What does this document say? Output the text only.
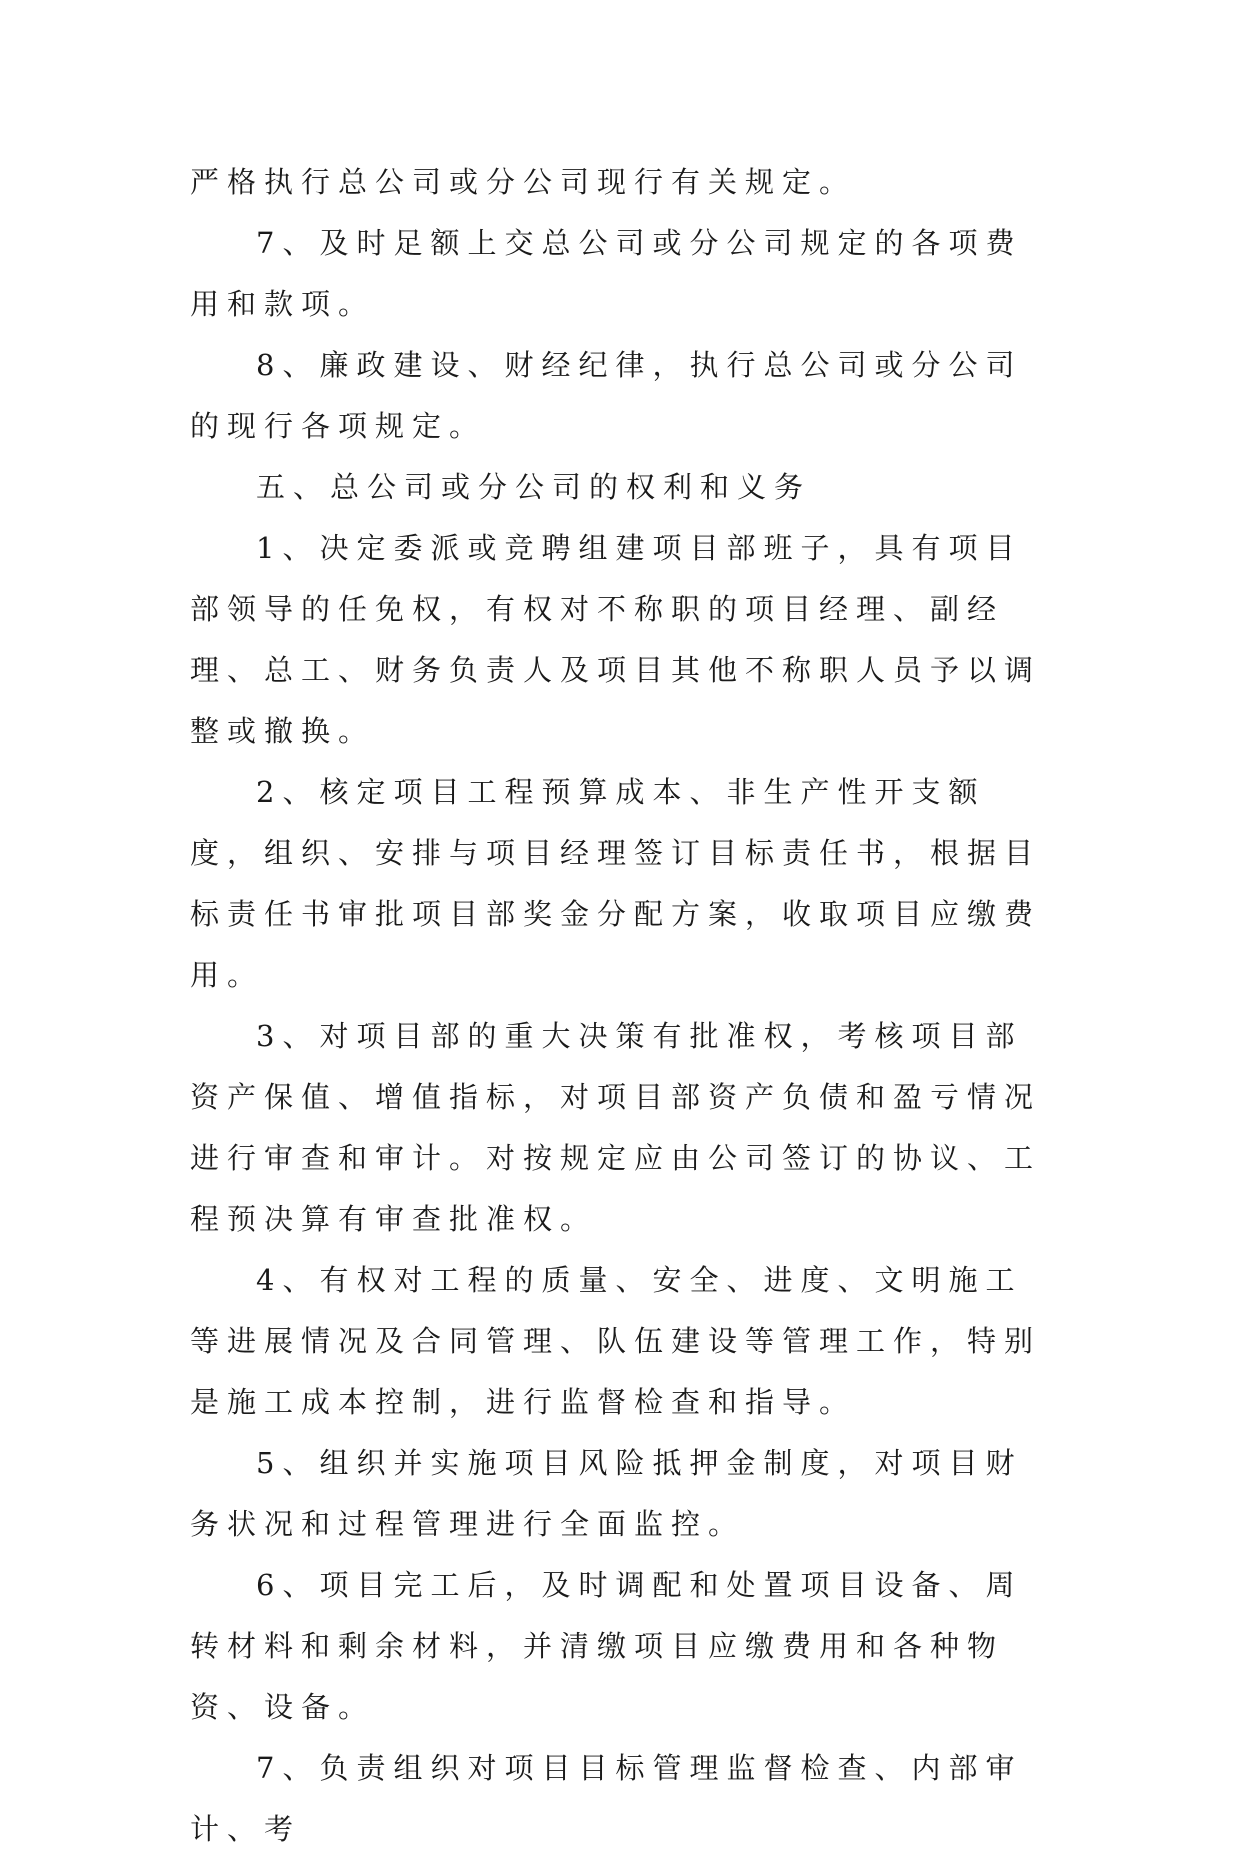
严格执行总公司或分公司现行有关规定。

7、及时足额上交总公司或分公司规定的各项费用和款项。

8、廉政建设、财经纪律，执行总公司或分公司的现行各项规定。

五、总公司或分公司的权利和义务

1、决定委派或竞聘组建项目部班子，具有项目部领导的任免权，有权对不称职的项目经理、副经理、总工、财务负责人及项目其他不称职人员予以调整或撤换。

2、核定项目工程预算成本、非生产性开支额度，组织、安排与项目经理签订目标责任书，根据目标责任书审批项目部奖金分配方案，收取项目应缴费用。

3、对项目部的重大决策有批准权，考核项目部资产保值、增值指标，对项目部资产负债和盈亏情况进行审查和审计。对按规定应由公司签订的协议、工程预决算有审查批准权。

4、有权对工程的质量、安全、进度、文明施工等进展情况及合同管理、队伍建设等管理工作，特别是施工成本控制，进行监督检查和指导。

5、组织并实施项目风险抵押金制度，对项目财务状况和过程管理进行全面监控。

6、项目完工后，及时调配和处置项目设备、周转材料和剩余材料，并清缴项目应缴费用和各种物资、设备。

7、负责组织对项目目标管理监督检查、内部审计、考
